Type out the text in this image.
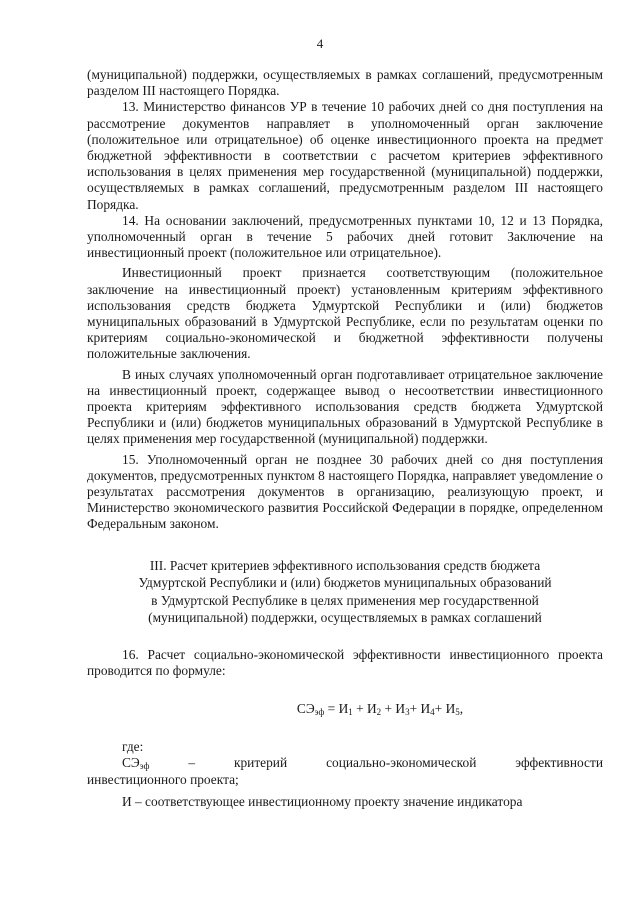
4

(муниципальной) поддержки, осуществляемых в рамках соглашений, предусмотренным разделом III настоящего Порядка.

13. Министерство финансов УР в течение 10 рабочих дней со дня поступления на рассмотрение документов направляет в уполномоченный орган заключение (положительное или отрицательное) об оценке инвестиционного проекта на предмет бюджетной эффективности в соответствии с расчетом критериев эффективного использования в целях применения мер государственной (муниципальной) поддержки, осуществляемых в рамках соглашений, предусмотренным разделом III настоящего Порядка.

14. На основании заключений, предусмотренных пунктами 10, 12 и 13 Порядка, уполномоченный орган в течение 5 рабочих дней готовит Заключение на инвестиционный проект (положительное или отрицательное).

Инвестиционный проект признается соответствующим (положительное заключение на инвестиционный проект) установленным критериям эффективного использования средств бюджета Удмуртской Республики и (или) бюджетов муниципальных образований в Удмуртской Республике, если по результатам оценки по критериям социально-экономической и бюджетной эффективности получены положительные заключения.

В иных случаях уполномоченный орган подготавливает отрицательное заключение на инвестиционный проект, содержащее вывод о несоответствии инвестиционного проекта критериям эффективного использования средств бюджета Удмуртской Республики и (или) бюджетов муниципальных образований в Удмуртской Республике в целях применения мер государственной (муниципальной) поддержки.

15. Уполномоченный орган не позднее 30 рабочих дней со дня поступления документов, предусмотренных пунктом 8 настоящего Порядка, направляет уведомление о результатах рассмотрения документов в организацию, реализующую проект, и Министерство экономического развития Российской Федерации в порядке, определенном Федеральным законом.

III. Расчет критериев эффективного использования средств бюджета

Удмуртской Республики и (или) бюджетов муниципальных образований

в Удмуртской Республике в целях применения мер государственной

(муниципальной) поддержки, осуществляемых в рамках соглашений

16. Расчет социально-экономической эффективности инвестиционного проекта проводится по формуле:

$СЭ_{эф} = И_1 + И_2 + И_3+ И_4+ И_5$,

где:

$СЭ_{эф}$	–	критерий	социально-экономической	эффективности

инвестиционного проекта;

И – соответствующее инвестиционному проекту значение индикатора
